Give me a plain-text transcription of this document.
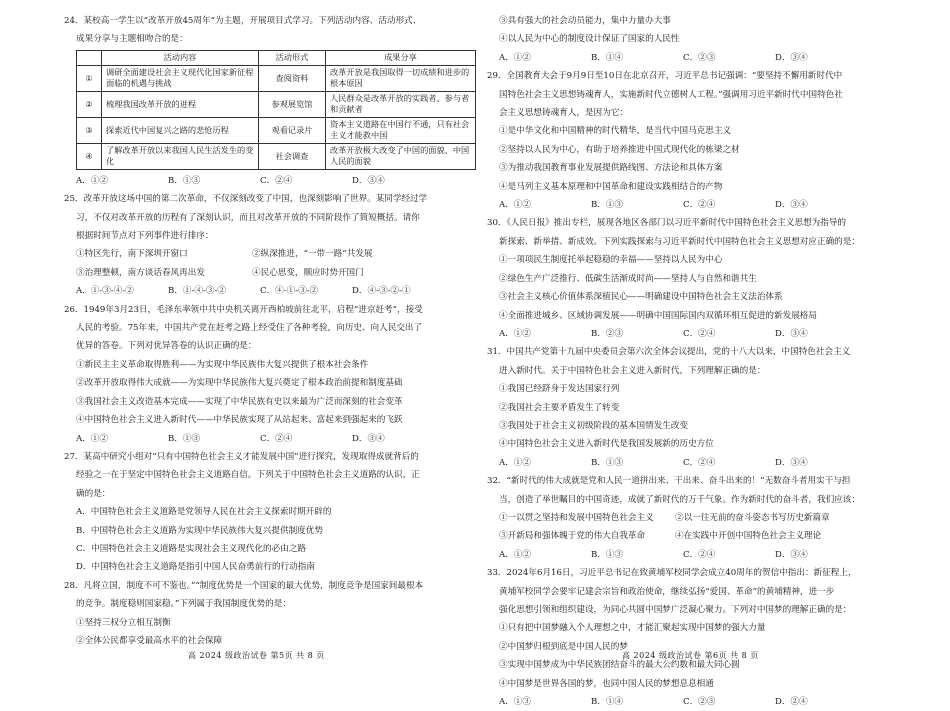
24．某校高一学生以“改革开放45周年”为主题，开展项目式学习。下列活动内容、活动形式、
成果分享与主题相吻合的是：
	活动内容	活动形式	成果分享
①	调研全面建设社会主义现代化国家新征程面临的机遇与挑战	查阅资料	改革开放是我国取得一切成绩和进步的根本原因
②	梳理我国改革开放的进程	参观展览馆	人民群众是改革开放的实践者、参与者和贡献者
③	探索近代中国复兴之路的悲怆历程	观看记录片	资本主义道路在中国行不通，只有社会主义才能救中国
④	了解改革开放以来我国人民生活发生的变化	社会调查	改革开放极大改变了中国的面貌、中国人民的面貌
A．①②	B．①③	C．②④	D．③④
25．改革开放这场中国的第二次革命，不仅深刻改变了中国，也深刻影响了世界。某同学经过学
习，不仅对改革开放的历程有了深刻认识，而且对改革开放的不同阶段作了简短概括。请你
根据时间节点对下列事件进行排序：
①特区先行，南下深圳开窗口	②纵深推进，“一带一路”共发展
③治理整顿，南方谈话春风再出发	④民心思变，顺应时势开国门
A．①-③-④-②	B．①-④-③-②	C．④-①-③-②	D．④-③-②-①
26．1949年3月23日，毛泽东率领中共中央机关离开西柏坡前往北平，启程“进京赶考”，接受
人民的考验。75年来，中国共产党在赶考之路上经受住了各种考验，向历史、向人民交出了
优异的答卷。下列对优异答卷的认识正确的是：
①新民主主义革命取得胜利——为实现中华民族伟大复兴提供了根本社会条件
②改革开放取得伟大成就——为实现中华民族伟大复兴奠定了根本政治前提和制度基础
③我国社会主义改造基本完成——实现了中华民族有史以来最为广泛而深刻的社会变革
④中国特色社会主义进入新时代——中华民族实现了从站起来、富起来到强起来的飞跃
A．①②	B．①③	C．②④	D．③④
27．某高中研究小组对“只有中国特色社会主义才能发展中国”进行探究，发现取得成就背后的
经验之一在于坚定中国特色社会主义道路自信。下列关于中国特色社会主义道路的认识，正
确的是：
A．中国特色社会主义道路是党领导人民在社会主义探索时期开辟的
B．中国特色社会主义道路为实现中华民族伟大复兴提供制度优势
C．中国特色社会主义道路是实现社会主义现代化的必由之路
D．中国特色社会主义道路是指引中国人民奋勇前行的行动指南
28．凡将立国，制度不可不鉴也。”“制度优势是一个国家的最大优势，制度竞争是国家间最根本
的竞争。制度稳则国家稳。”下列属于我国制度优势的是：
①坚持三权分立相互制衡
②全体公民都享受最高水平的社会保障
③具有强大的社会动员能力，集中力量办大事
④以人民为中心的制度设计保证了国家的人民性
A．①②	B．①④	C．②③	D．③④
29．全国教育大会于9月9日至10日在北京召开，习近平总书记强调：“要坚持不懈用新时代中
国特色社会主义思想铸魂育人，实施新时代立德树人工程。”强调用习近平新时代中国特色社
会主义思想铸魂育人，是因为它：
①是中华文化和中国精神的时代精华，是当代中国马克思主义
②坚持以人民为中心，有助于培养推进中国式现代化的栋梁之材
③为推动我国教育事业发展提供路线图、方法论和具体方案
④是马列主义基本原理和中国革命和建设实践相结合的产物
A．①②	B．①③	C．②④	D．③④
30．《人民日报》推出专栏，展现各地区各部门以习近平新时代中国特色社会主义思想为指导的
新探索、新举措、新成效。下列实践探索与习近平新时代中国特色社会主义思想对应正确的是：
①一项项民生制度托举起稳稳的幸福——坚持以人民为中心
②绿色生产广泛推行、低碳生活渐成时尚——坚持人与自然和谐共生
③社会主义核心价值体系深植民心——明确建设中国特色社会主义法治体系
④全面推进城乡、区域协调发展——明确中国国际国内双循环相互促进的新发展格局
A．①②	B．②③	C．②④	D．③④
31．中国共产党第十九届中央委员会第六次全体会议提出，党的十八大以来，中国特色社会主义
进入新时代。关于中国特色社会主义进入新时代，下列理解正确的是：
①我国已经跻身于发达国家行列
②我国社会主要矛盾发生了转变
③我国处于社会主义初级阶段的基本国情发生改变
④中国特色社会主义进入新时代是我国发展新的历史方位
A．①②	B．①③	C．②④	D．③④
32．“新时代的伟大成就是党和人民一道拼出来、干出来、奋斗出来的！”无数奋斗者用实干与担
当，创造了举世瞩目的中国奇迹，成就了新时代的万千气象。作为新时代的奋斗者，我们应该：
①一以贯之坚持和发展中国特色社会主义	②以一往无前的奋斗姿态书写历史新篇章
③开新局和强体魄于党的伟大自我革命	④在实践中开创中国特色社会主义理论
A．①②	B．①③	C．②④	D．③④
33．2024年6月16日，习近平总书记在致黄埔军校同学会成立40周年的贺信中指出：新征程上，
黄埔军校同学会要牢记建会宗旨和政治使命，继续弘扬“爱国、革命”的黄埔精神，进一步
强化思想引领和组织建设，为同心共圆中国梦广泛凝心聚力。下列对中国梦的理解正确的是：
①只有把中国梦融入个人理想之中，才能汇聚起实现中国梦的强大力量
②中国梦归根到底是中国人民的梦
③实现中国梦成为中华民族团结奋斗的最大公约数和最大同心圆
④中国梦是世界各国的梦，也同中国人民的梦想息息相通
A．①③	B．①④	C．②③	D．②④
高 2024 级政治试卷 第5页 共 8 页	高 2024 级政治试卷 第6页 共 8 页
